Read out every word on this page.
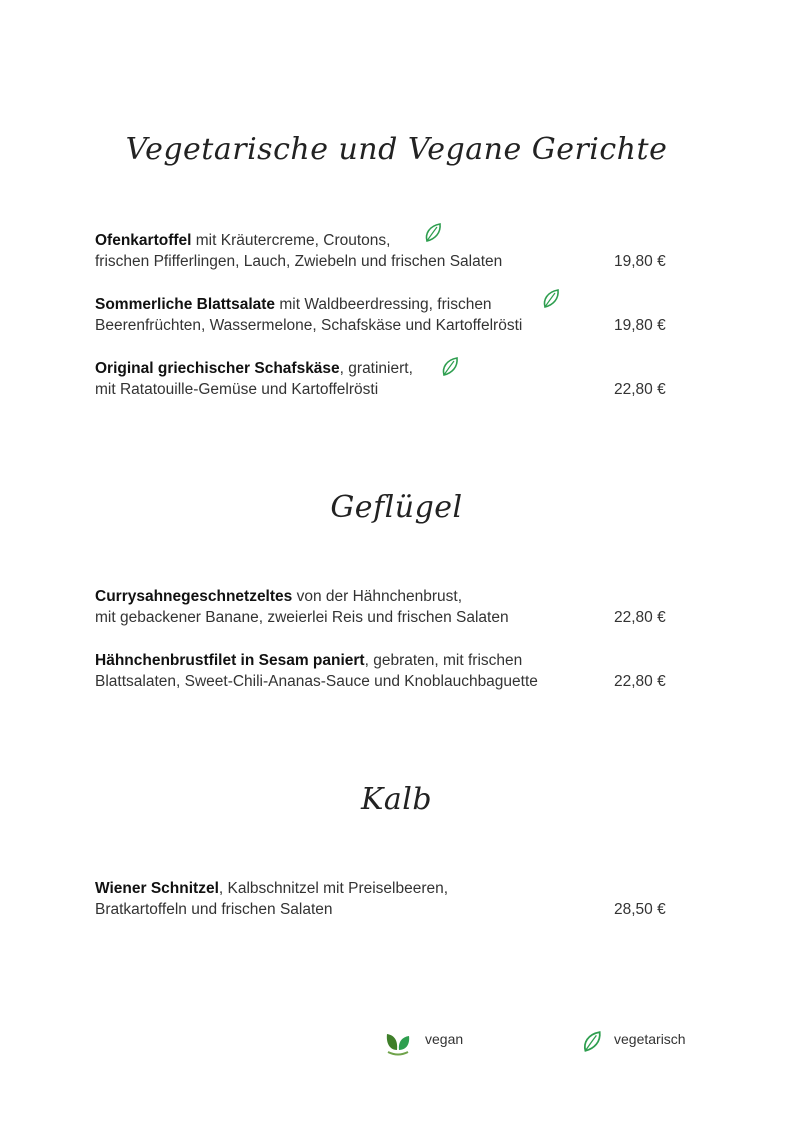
Vegetarische und Vegane Gerichte
Ofenkartoffel mit Kräutercreme, Croutons,
frischen Pfifferlingen, Lauch, Zwiebeln und frischen Salaten	19,80 €
Sommerliche Blattsalate mit Waldbeerdressing, frischen
Beerenfrüchten, Wassermelone, Schafskäse und Kartoffelrösti	19,80 €
Original griechischer Schafskäse, gratiniert,
mit Ratatouille-Gemüse und Kartoffelrösti	22,80 €
Geflügel
Currysahnegeschnetzeltes von der Hähnchenbrust,
mit gebackener Banane, zweierlei Reis und frischen Salaten	22,80 €
Hähnchenbrustfilet in Sesam paniert, gebraten, mit frischen
Blattsalaten, Sweet-Chili-Ananas-Sauce und Knoblauchbaguette	22,80 €
Kalb
Wiener Schnitzel, Kalbschnitzel mit Preiselbeeren,
Bratkartoffeln und frischen Salaten	28,50 €
vegan	vegetarisch
